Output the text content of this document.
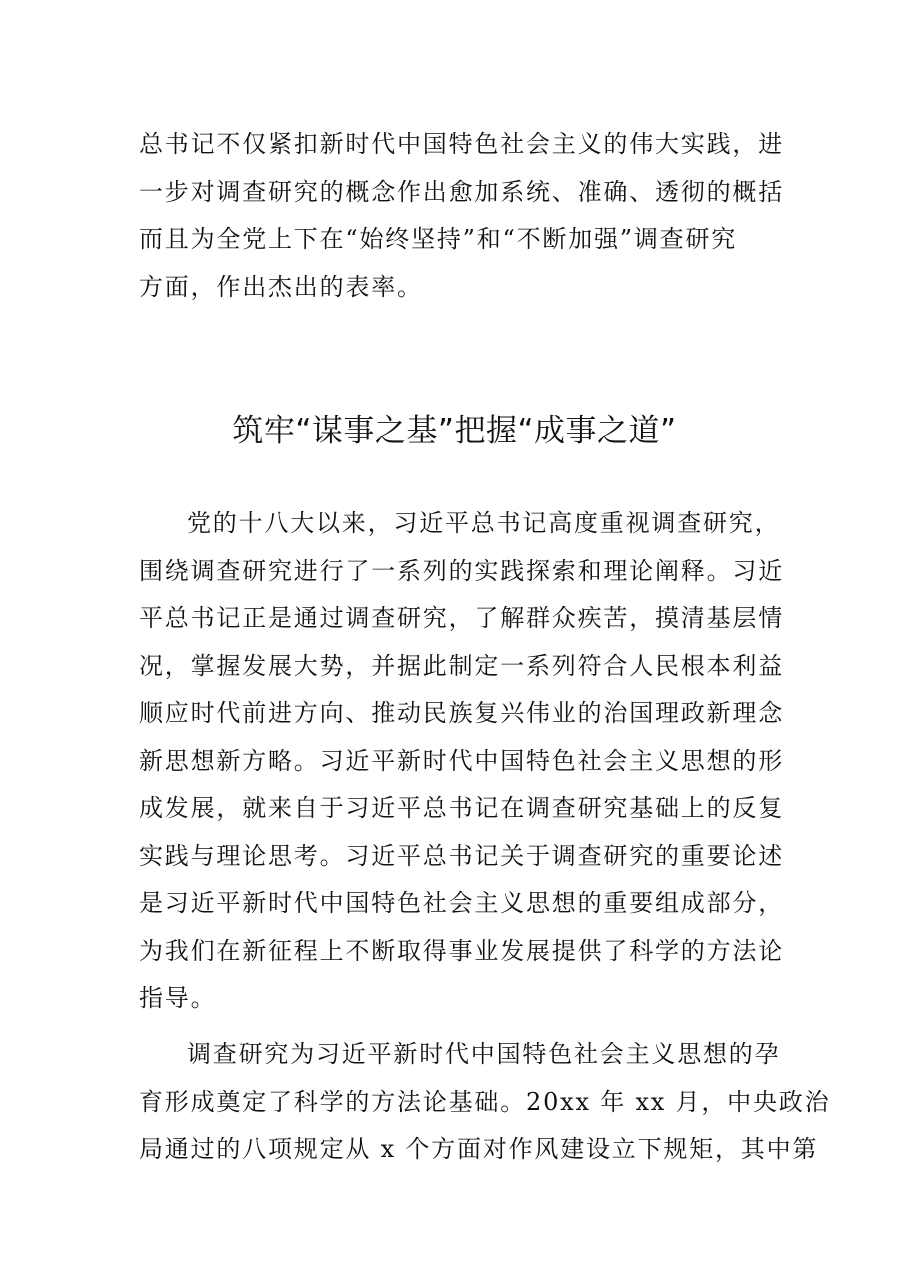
总书记不仅紧扣新时代中国特色社会主义的伟大实践，进
一步对调查研究的概念作出愈加系统、准确、透彻的概括
而且为全党上下在“始终坚持”和“不断加强”调查研究
方面，作出杰出的表率。
筑牢“谋事之基”把握“成事之道”
党的十八大以来，习近平总书记高度重视调查研究，
围绕调查研究进行了一系列的实践探索和理论阐释。习近
平总书记正是通过调查研究，了解群众疾苦，摸清基层情
况，掌握发展大势，并据此制定一系列符合人民根本利益
顺应时代前进方向、推动民族复兴伟业的治国理政新理念
新思想新方略。习近平新时代中国特色社会主义思想的形
成发展，就来自于习近平总书记在调查研究基础上的反复
实践与理论思考。习近平总书记关于调查研究的重要论述
是习近平新时代中国特色社会主义思想的重要组成部分，
为我们在新征程上不断取得事业发展提供了科学的方法论
指导。
调查研究为习近平新时代中国特色社会主义思想的孕
育形成奠定了科学的方法论基础。20xx 年 xx 月，中央政治
局通过的八项规定从 x 个方面对作风建设立下规矩，其中第
